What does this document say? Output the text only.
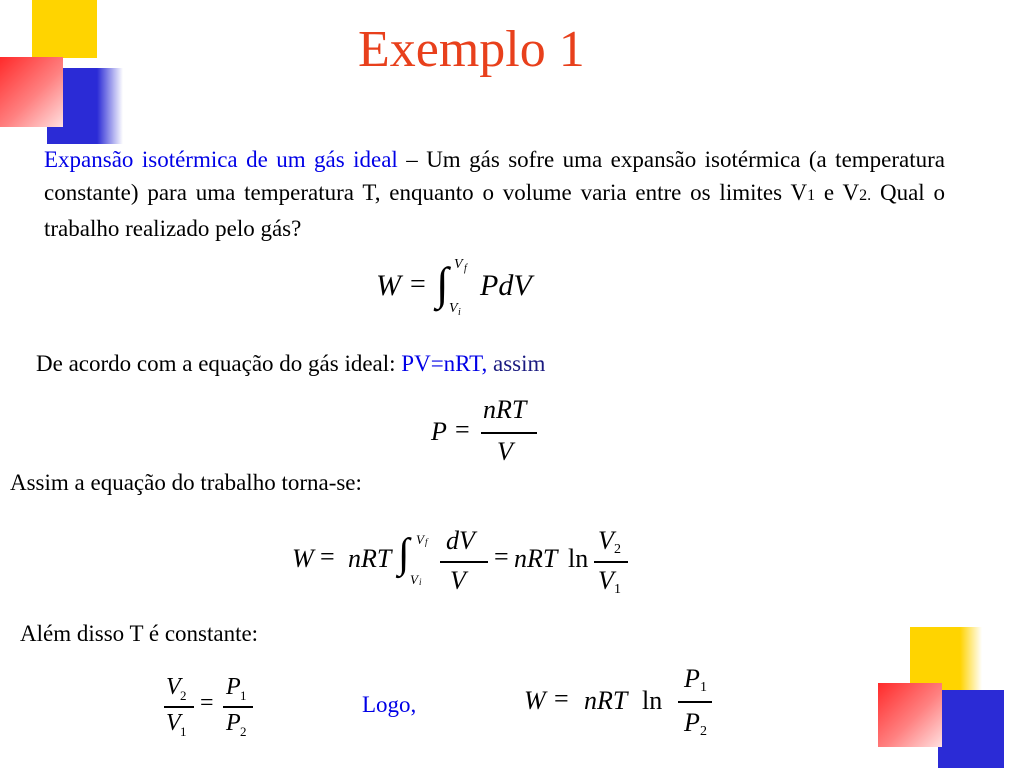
Exemplo 1
Expansão isotérmica de um gás ideal – Um gás sofre uma expansão isotérmica (a temperatura constante) para uma temperatura T, enquanto o volume varia entre os limites V1 e V2. Qual o trabalho realizado pelo gás?
W = ∫ V f
V i
PdV
De acordo com a equação do gás ideal: PV=nRT, assim
P =
nRT
V
Assim a equação do trabalho torna-se:
W = nRT ∫ V f
V i
dV
V
= nRT ln
V 2
V 1
Além disso T é constante:
V 2
V 1
=
P 1
P 2
Logo,	W = nRT ln
P 1
P 2
